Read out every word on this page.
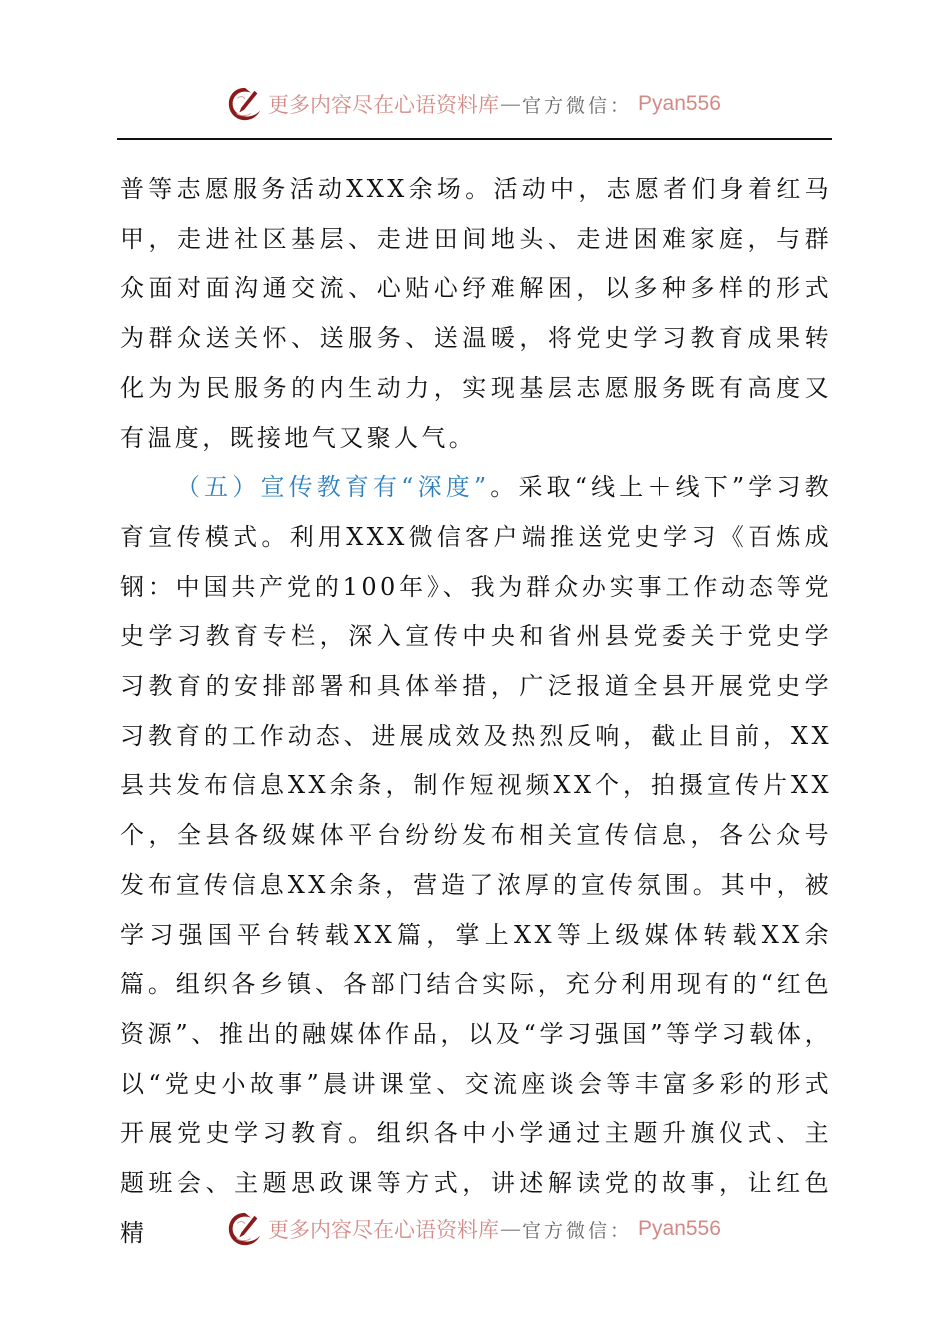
更多内容尽在心语资料库 — 官方微信： Pyan556

普等志愿服务活动XXX余场。活动中，志愿者们身着红马甲，走进社区基层、走进田间地头、走进困难家庭，与群众面对面沟通交流、心贴心纾难解困，以多种多样的形式为群众送关怀、送服务、送温暖，将党史学习教育成果转化为为民服务的内生动力，实现基层志愿服务既有高度又有温度，既接地气又聚人气。

（五）宣传教育有“深度”。采取“线上＋线下”学习教育宣传模式。利用XXX微信客户端推送党史学习《百炼成钢：中国共产党的100年》、我为群众办实事工作动态等党史学习教育专栏，深入宣传中央和省州县党委关于党史学习教育的安排部署和具体举措，广泛报道全县开展党史学习教育的工作动态、进展成效及热烈反响，截止目前，XX县共发布信息XX余条，制作短视频XX个，拍摄宣传片XX个，全县各级媒体平台纷纷发布相关宣传信息，各公众号发布宣传信息XX余条，营造了浓厚的宣传氛围。其中，被学习强国平台转载XX篇，掌上XX等上级媒体转载XX余篇。组织各乡镇、各部门结合实际，充分利用现有的“红色资源”、推出的融媒体作品，以及“学习强国”等学习载体，以“党史小故事”晨讲课堂、交流座谈会等丰富多彩的形式开展党史学习教育。组织各中小学通过主题升旗仪式、主题班会、主题思政课等方式，讲述解读党的故事，让红色精	更多内容尽在心语资料库 — 官方微信： Pyan556
